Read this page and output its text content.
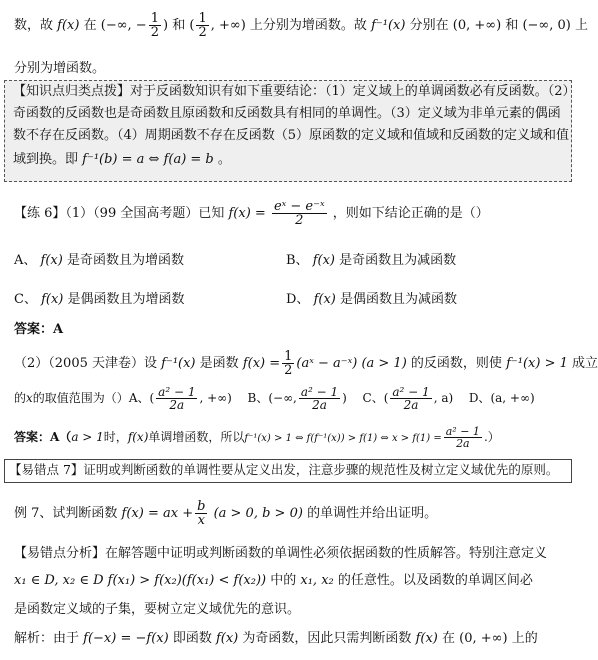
数，故 f(x) 在 (−∞, − $\frac{1}{2}$ ) 和 ( $\frac{1}{2}$ , +∞) 上分别为增函数。故 f⁻¹(x) 分别在 (0, +∞) 和 (−∞, 0) 上
分别为增函数。
【知识点归类点拨】对于反函数知识有如下重要结论：（1）定义域上的单调函数必有反函数。（2）
奇函数的反函数也是奇函数且原函数和反函数具有相同的单调性。（3）定义域为非单元素的偶函
数不存在反函数。（4）周期函数不存在反函数（5）原函数的定义域和值域和反函数的定义域和值
域到换。即 f⁻¹(b) = a ⇔ f(a) = b 。
【练 6】（1）（99 全国高考题）已知 $f(x) = \frac{\text{eˣ − e⁻ˣ}}{2}$ ，则如下结论正确的是（）
A、 f(x) 是奇函数且为增函数	B、 f(x) 是奇函数且为减函数
C、 f(x) 是偶函数且为增函数	D、 f(x) 是偶函数且为减函数
答案：A
（2）（2005 天津卷）设 f⁻¹(x) 是函数 $f(x) = \frac{1}{2}$ (aˣ − a⁻ˣ) (a > 1) 的反函数，则使 f⁻¹(x) > 1 成立
的x的取值范围为（）A、( $\frac{\text{a² − 1}}{2a}$ , +∞) B、(−∞, $\frac{\text{a² − 1}}{2a}$ ) C、( $\frac{\text{a² − 1}}{2a}$ , a) D、(a, +∞)
答案：A（a > 1时，f(x)单调增函数，所以f⁻¹(x) > 1 ⇔ f(f⁻¹(x)) > f(1) ⇔ $x > f(1) = \frac{\text{a² − 1}}{2a}$ .）
【易错点 7】证明或判断函数的单调性要从定义出发，注意步骤的规范性及树立定义域优先的原则。
例 7、试判断函数 f(x) = ax + $\frac{b}{x} (a > 0$, b > 0) 的单调性并给出证明。
【易错点分析】在解答题中证明或判断函数的单调性必须依据函数的性质解答。特别注意定义
x₁ ∈ D, x₂ ∈ D f(x₁) > f(x₂)(f(x₁) < f(x₂)) 中的 x₁, x₂ 的任意性。以及函数的单调区间必
是函数定义域的子集，要树立定义域优先的意识。
解析：由于 f(−x) = −f(x) 即函数 f(x) 为奇函数，因此只需判断函数 f(x) 在 (0, +∞) 上的
